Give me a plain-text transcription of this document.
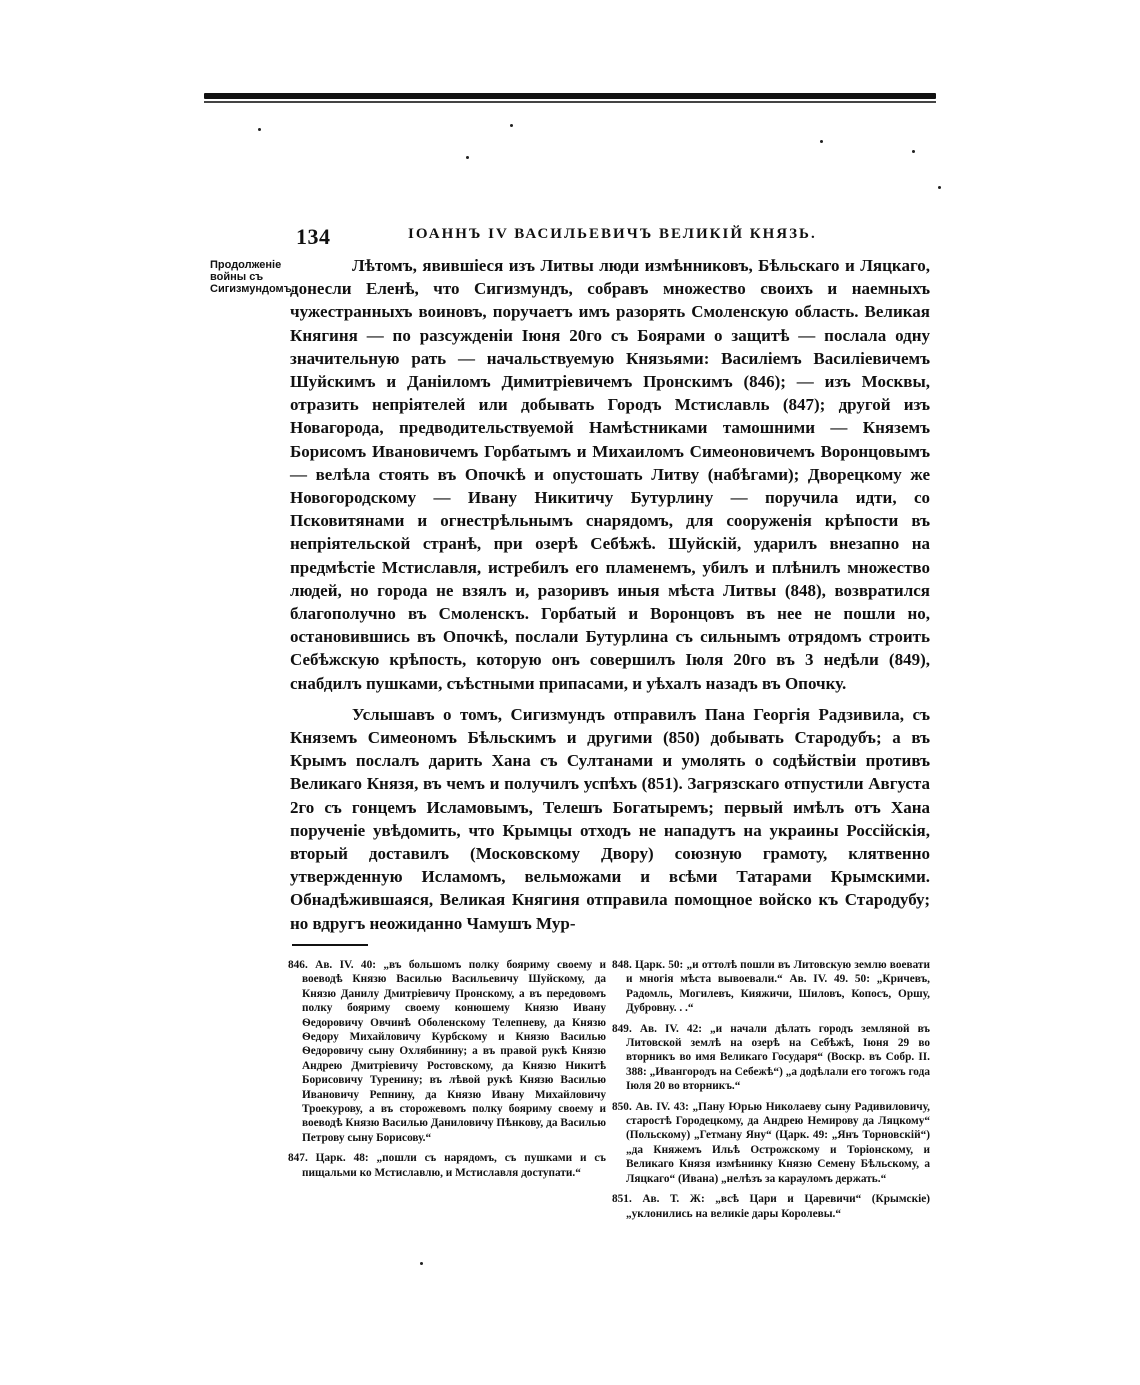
134	ІОАННЪ IV ВАСИЛЬЕВИЧЪ ВЕЛИКІЙ КНЯЗЬ.
Продолженіе войны съ Сигизмундомъ.

Лѣтомъ, явившіеся изъ Литвы люди измѣнниковъ, Бѣльскаго и Ляцкаго, донесли Еленѣ, что Сигизмундъ, собравъ множество своихъ и наемныхъ чужестранныхъ воиновъ, поручаетъ имъ разорять Смоленскую область. Великая Княгиня — по разсужденіи Іюня 20го съ Боярами о защитѣ — послала одну значительную рать — начальствуемую Князьями: Василіемъ Василіевичемъ Шуйскимъ и Даніиломъ Димитріевичемъ Пронскимъ (846); — изъ Москвы, отразить непріятелей или добывать Городъ Мстиславль (847); другой изъ Новагорода, предводительствуемой Намѣстниками тамошними — Княземъ Борисомъ Ивановичемъ Горбатымъ и Михаиломъ Симеоновичемъ Воронцовымъ — велѣла стоять въ Опочкѣ и опустошать Литву (набѣгами); Дворецкому же Новогородскому — Ивану Никитичу Бутурлину — поручила идти, со Псковитянами и огнестрѣльнымъ снарядомъ, для сооруженія крѣпости въ непріятельской странѣ, при озерѣ Себѣжѣ. Шуйскій, ударилъ внезапно на предмѣстіе Мстиславля, истребилъ его пламенемъ, убилъ и плѣнилъ множество людей, но города не взялъ и, разоривъ иныя мѣста Литвы (848), возвратился благополучно въ Смоленскъ. Горбатый и Воронцовъ въ нее не пошли но, остановившись въ Опочкѣ, послали Бутурлина съ сильнымъ отрядомъ строить Себѣжскую крѣпость, которую онъ совершилъ Іюля 20го въ 3 недѣли (849), снабдилъ пушками, съѣстными припасами, и уѣхалъ назадъ въ Опочку.

Услышавъ о томъ, Сигизмундъ отправилъ Пана Георгія Радзивила, съ Княземъ Симеономъ Бѣльскимъ и другими (850) добывать Стародубъ; а въ Крымъ послалъ дарить Хана съ Султанами и умолять о содѣйствіи противъ Великаго Князя, въ чемъ и получилъ успѣхъ (851). Загрязскаго отпустили Августа 2го съ гонцемъ Исламовымъ, Телешъ Богатыремъ; первый имѣлъ отъ Хана порученіе увѣдомить, что Крымцы отходъ не нападутъ на украины Россійскія, вторый доставилъ (Московскому Двору) союзную грамоту, клятвенно утвержденную Исламомъ, вельможами и всѣми Татарами Крымскими. Обнадѣжившаяся, Великая Княгиня отправила помощное войско къ Стародубу; но вдругъ неожиданно Чамушъ Мур-

846. Ав. IV. 40: „въ большомъ полку бояриму своему и воеводѣ Князю Василью Васильевичу Шуйскому, да Князю Данилу Дмитріевичу Пронскому, а въ передовомъ полку бояриму своему конюшему Князю Ивану Ѳедоровичу Овчинѣ Оболенскому Телепневу, да Князю Ѳедору Михайловичу Курбскому и Князю Василью Ѳедоровичу сыну Охлябинину; а въ правой рукѣ Князю Андрею Дмитріевичу Ростовскому, да Князю Никитѣ Борисовичу Туренину; въ лѣвой рукѣ Князю Василью Ивановичу Репнину, да Князю Ивану Михайловичу Троекурову, а въ сторожевомъ полку бояриму своему и воеводѣ Князю Василью Даниловичу Пѣнкову, да Василью Петрову сыну Борисову.“

847. Царк. 48: „пошли съ нарядомъ, съ пушками и съ пищальми ко Мстиславлю, и Мстиславля доступати.“

848. Царк. 50: „и оттолѣ пошли въ Литовскую землю воевати и многія мѣста вывоевали.“ Ав. IV. 49. 50: „Кричевъ, Радомль, Могилевъ, Кияжичи, Шиловъ, Копосъ, Оршу, Дубровну. . .“

849. Ав. IV. 42: „и начали дѣлать городъ земляной въ Литовской землѣ на озерѣ на Себѣжѣ, Іюня 29 во вторникъ во имя Великаго Государя“ (Воскр. въ Собр. II. 388: „Ивангородъ на Себежѣ“) „а додѣлали его тогожъ года Іюля 20 во вторникъ.“

850. Ав. IV. 43: „Пану Юрью Николаеву сыну Радивиловичу, старостѣ Городецкому, да Андрею Немирову да Ляцкому“ (Польскому) „Гетману Яну“ (Царк. 49: „Янъ Торновскій“) „да Княжемъ Ильѣ Острожскому и Торіонскому, и Великаго Князя измѣнинку Князю Семену Бѣльскому, а Ляцкаго“ (Ивана) „нелѣзъ за карауломъ держать.“

851. Ав. Т. Ж: „всѣ Цари и Царевичи“ (Крымскіе) „уклонились на великіе дары Королевы.“
